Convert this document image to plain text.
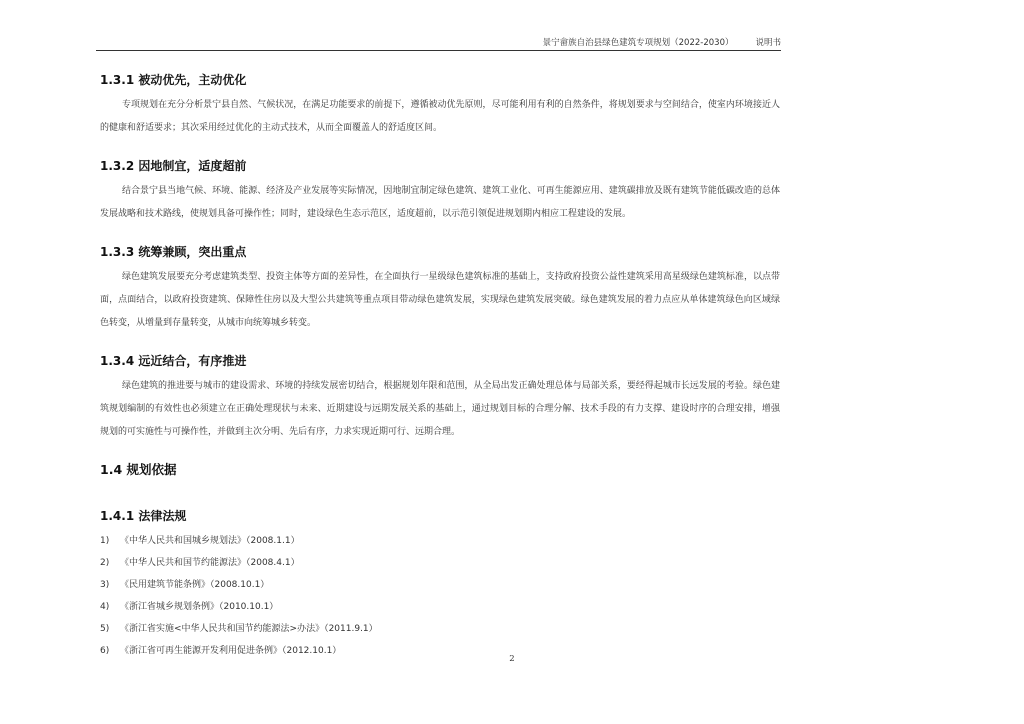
景宁畲族自治县绿色建筑专项规划（2022-2030）	说明书
1.3.1 被动优先，主动优化

专项规划在充分分析景宁县自然、气候状况，在满足功能要求的前提下，遵循被动优先原则，尽可能利用有利的自然条件，将规划要求与空间结合，使室内环境接近人的健康和舒适要求；其次采用经过优化的主动式技术，从而全面覆盖人的舒适度区间。

1.3.2 因地制宜，适度超前

结合景宁县当地气候、环境、能源、经济及产业发展等实际情况，因地制宜制定绿色建筑、建筑工业化、可再生能源应用、建筑碳排放及既有建筑节能低碳改造的总体发展战略和技术路线，使规划具备可操作性；同时，建设绿色生态示范区，适度超前，以示范引领促进规划期内相应工程建设的发展。

1.3.3 统筹兼顾，突出重点

绿色建筑发展要充分考虑建筑类型、投资主体等方面的差异性，在全面执行一星级绿色建筑标准的基础上，支持政府投资公益性建筑采用高星级绿色建筑标准，以点带面，点面结合，以政府投资建筑、保障性住房以及大型公共建筑等重点项目带动绿色建筑发展，实现绿色建筑发展突破。绿色建筑发展的着力点应从单体建筑绿色向区域绿色转变，从增量到存量转变，从城市向统筹城乡转变。

1.3.4 远近结合，有序推进

绿色建筑的推进要与城市的建设需求、环境的持续发展密切结合，根据规划年限和范围，从全局出发正确处理总体与局部关系，要经得起城市长远发展的考验。绿色建筑规划编制的有效性也必须建立在正确处理现状与未来、近期建设与远期发展关系的基础上，通过规划目标的合理分解、技术手段的有力支撑、建设时序的合理安排，增强规划的可实施性与可操作性，并做到主次分明、先后有序，力求实现近期可行、远期合理。

1.4 规划依据
1.4.1 法律法规
1)	《中华人民共和国城乡规划法》（2008.1.1）
2)	《中华人民共和国节约能源法》（2008.4.1）
3)	《民用建筑节能条例》（2008.10.1）
4)	《浙江省城乡规划条例》（2010.10.1）
5)	《浙江省实施<中华人民共和国节约能源法>办法》（2011.9.1）
6)	《浙江省可再生能源开发利用促进条例》（2012.10.1）
2
